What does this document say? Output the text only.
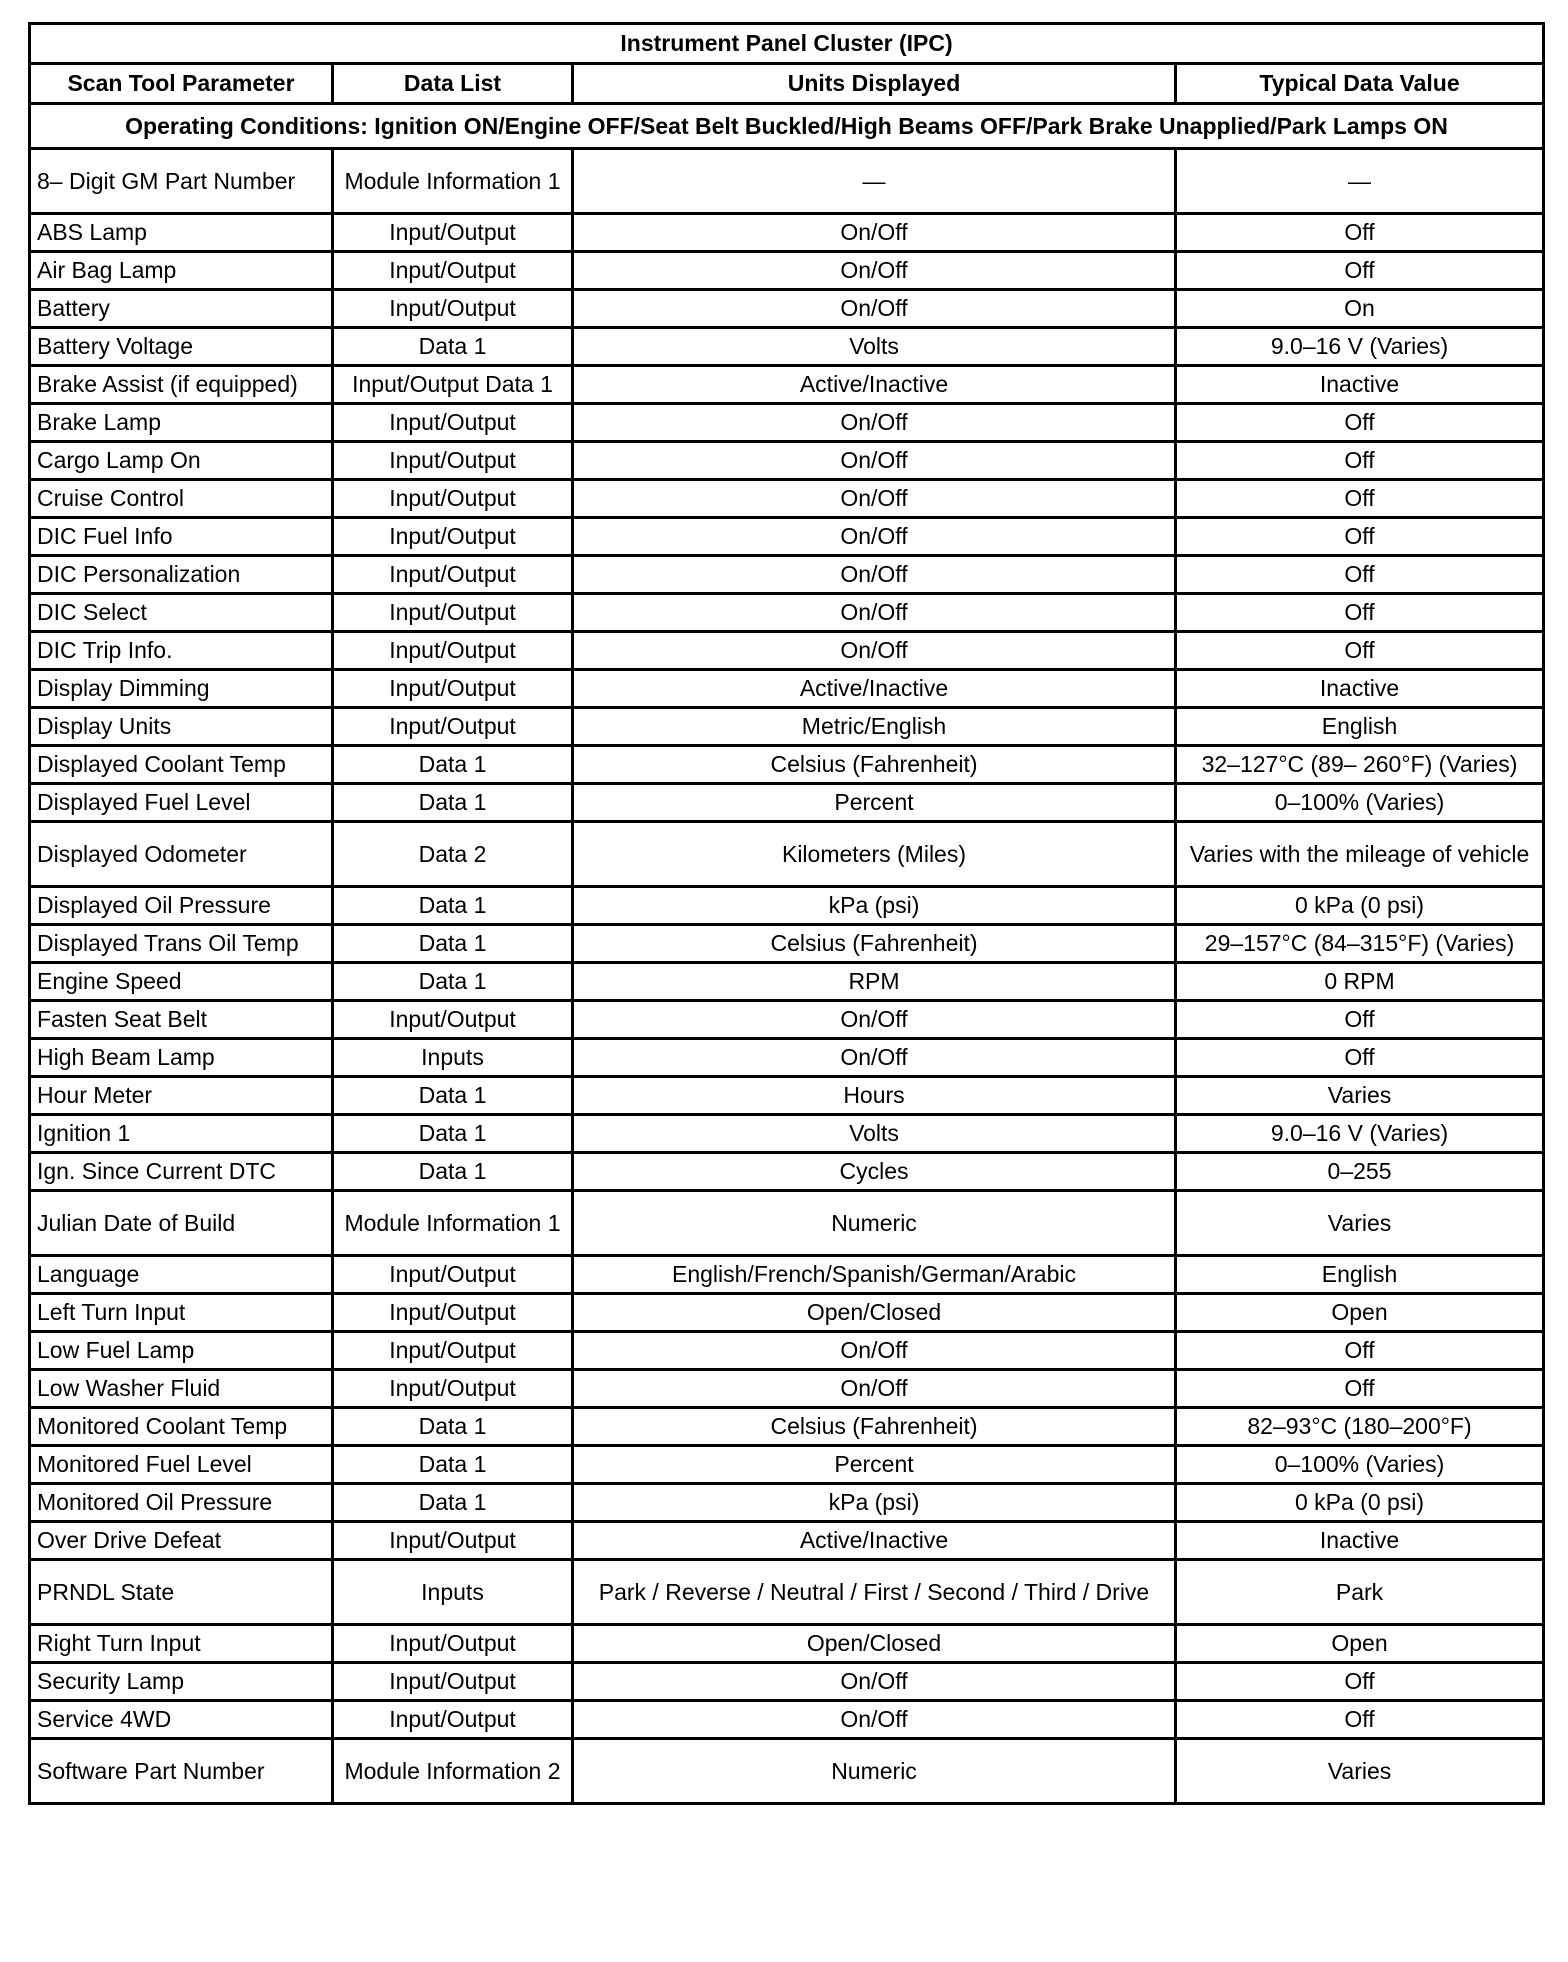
Instrument Panel Cluster (IPC)			
Scan Tool Parameter	Data List	Units Displayed	Typical Data Value
Operating Conditions: Ignition ON/Engine OFF/Seat Belt Buckled/High Beams OFF/Park Brake Unapplied/Park Lamps ON			
8– Digit GM Part Number	Module Information 1	—	—
ABS Lamp	Input/Output	On/Off	Off
Air Bag Lamp	Input/Output	On/Off	Off
Battery	Input/Output	On/Off	On
Battery Voltage	Data 1	Volts	9.0–16 V (Varies)
Brake Assist (if equipped)	Input/Output Data 1	Active/Inactive	Inactive
Brake Lamp	Input/Output	On/Off	Off
Cargo Lamp On	Input/Output	On/Off	Off
Cruise Control	Input/Output	On/Off	Off
DIC Fuel Info	Input/Output	On/Off	Off
DIC Personalization	Input/Output	On/Off	Off
DIC Select	Input/Output	On/Off	Off
DIC Trip Info.	Input/Output	On/Off	Off
Display Dimming	Input/Output	Active/Inactive	Inactive
Display Units	Input/Output	Metric/English	English
Displayed Coolant Temp	Data 1	Celsius (Fahrenheit)	32–127°C (89– 260°F) (Varies)
Displayed Fuel Level	Data 1	Percent	0–100% (Varies)
Displayed Odometer	Data 2	Kilometers (Miles)	Varies with the mileage of vehicle
Displayed Oil Pressure	Data 1	kPa (psi)	0 kPa (0 psi)
Displayed Trans Oil Temp	Data 1	Celsius (Fahrenheit)	29–157°C (84–315°F) (Varies)
Engine Speed	Data 1	RPM	0 RPM
Fasten Seat Belt	Input/Output	On/Off	Off
High Beam Lamp	Inputs	On/Off	Off
Hour Meter	Data 1	Hours	Varies
Ignition 1	Data 1	Volts	9.0–16 V (Varies)
Ign. Since Current DTC	Data 1	Cycles	0–255
Julian Date of Build	Module Information 1	Numeric	Varies
Language	Input/Output	English/French/Spanish/German/Arabic	English
Left Turn Input	Input/Output	Open/Closed	Open
Low Fuel Lamp	Input/Output	On/Off	Off
Low Washer Fluid	Input/Output	On/Off	Off
Monitored Coolant Temp	Data 1	Celsius (Fahrenheit)	82–93°C (180–200°F)
Monitored Fuel Level	Data 1	Percent	0–100% (Varies)
Monitored Oil Pressure	Data 1	kPa (psi)	0 kPa (0 psi)
Over Drive Defeat	Input/Output	Active/Inactive	Inactive
PRNDL State	Inputs	Park / Reverse / Neutral / First / Second / Third / Drive	Park
Right Turn Input	Input/Output	Open/Closed	Open
Security Lamp	Input/Output	On/Off	Off
Service 4WD	Input/Output	On/Off	Off
Software Part Number	Module Information 2	Numeric	Varies
